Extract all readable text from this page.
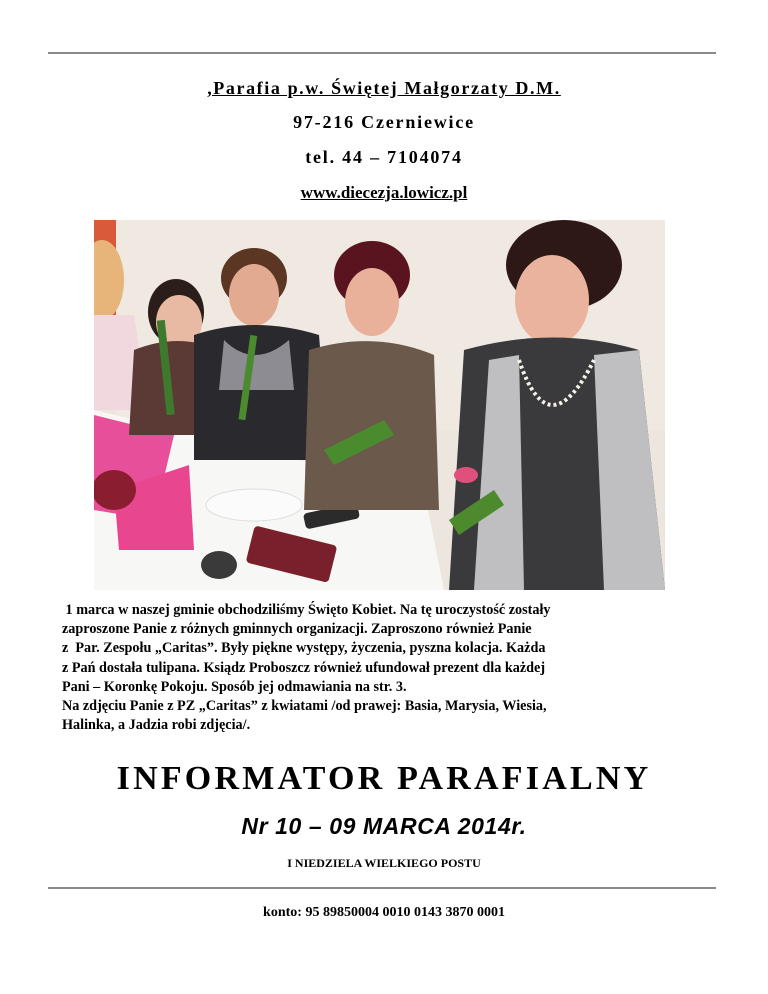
,Parafia p.w. Świętej Małgorzaty D.M.
97-216 Czerniewice
tel. 44 – 7104074
www.diecezja.lowicz.pl
1 marca w naszej gminie obchodziliśmy Święto Kobiet. Na tę uroczystość zostały
zaproszone Panie z różnych gminnych organizacji. Zaproszono również Panie
z  Par. Zespołu „Caritas”. Były piękne występy, życzenia, pyszna kolacja. Każda
z Pań dostała tulipana. Ksiądz Proboszcz również ufundował prezent dla każdej
Pani – Koronkę Pokoju. Sposób jej odmawiania na str. 3.
Na zdjęciu Panie z PZ „Caritas” z kwiatami /od prawej: Basia, Marysia, Wiesia,
Halinka, a Jadzia robi zdjęcia/.
INFORMATOR PARAFIALNY
Nr 10 – 09 MARCA 2014r.
I NIEDZIELA WIELKIEGO POSTU
konto: 95 89850004 0010 0143 3870 0001
